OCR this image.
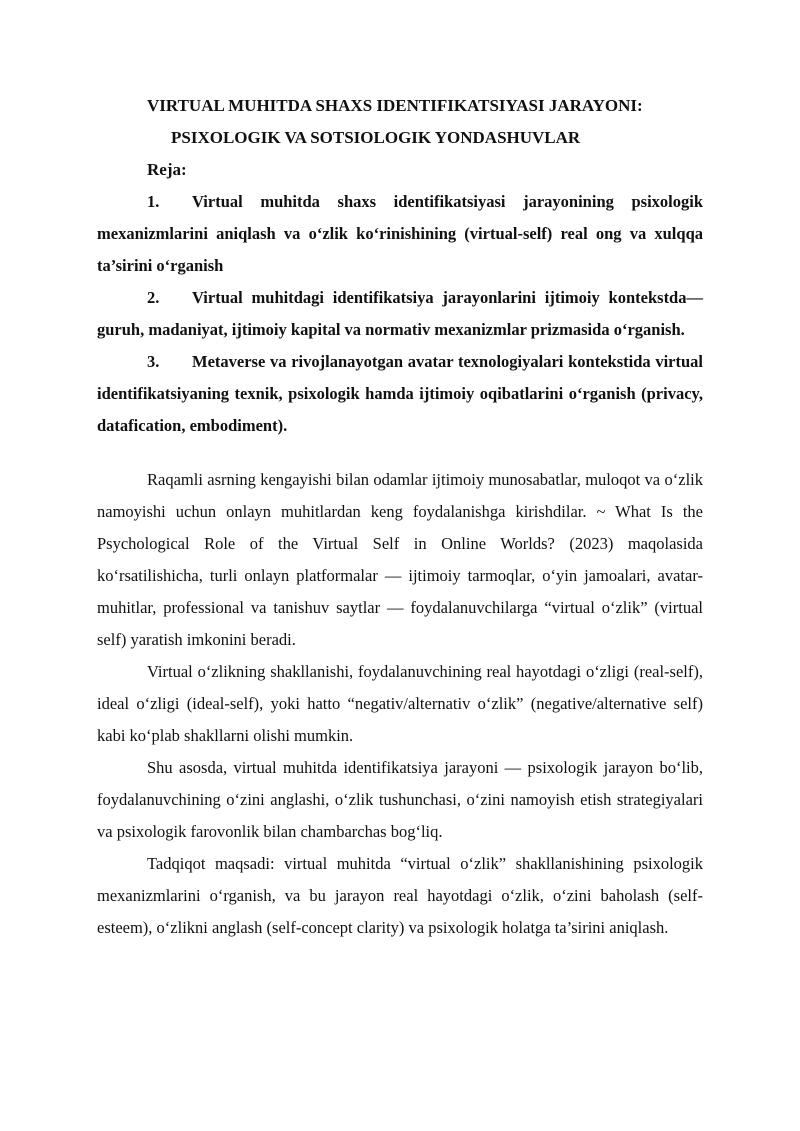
VIRTUAL MUHITDA SHAXS IDENTIFIKATSIYASI JARAYONI:
PSIXOLOGIK VA SOTSIOLOGIK YONDASHUVLAR

Reja:

1. Virtual muhitda shaxs identifikatsiyasi jarayonining psixologik mexanizmlarini aniqlash va o‘zlik ko‘rinishining (virtual-self) real ong va xulqqa ta’sirini o‘rganish
2. Virtual muhitdagi identifikatsiya jarayonlarini ijtimoiy kontekstda—guruh, madaniyat, ijtimoiy kapital va normativ mexanizmlar prizmasida o‘rganish.
3. Metaverse va rivojlanayotgan avatar texnologiyalari kontekstida virtual identifikatsiyaning texnik, psixologik hamda ijtimoiy oqibatlarini o‘rganish (privacy, datafication, embodiment).

Raqamli asrning kengayishi bilan odamlar ijtimoiy munosabatlar, muloqot va o‘zlik namoyishi uchun onlayn muhitlardan keng foydalanishga kirishdilar. ~ What Is the Psychological Role of the Virtual Self in Online Worlds? (2023) maqolasida ko‘rsatilishicha, turli onlayn platformalar — ijtimoiy tarmoqlar, o‘yin jamoalari, avatar-muhitlar, professional va tanishuv saytlar — foydalanuvchilarga “virtual o‘zlik” (virtual self) yaratish imkonini beradi.

Virtual o‘zlikning shakllanishi, foydalanuvchining real hayotdagi o‘zligi (real-self), ideal o‘zligi (ideal-self), yoki hatto “negativ/alternativ o‘zlik” (negative/alternative self) kabi ko‘plab shakllarni olishi mumkin.

Shu asosda, virtual muhitda identifikatsiya jarayoni — psixologik jarayon bo‘lib, foydalanuvchining o‘zini anglashi, o‘zlik tushunchasi, o‘zini namoyish etish strategiyalari va psixologik farovonlik bilan chambarchas bog‘liq.

Tadqiqot maqsadi: virtual muhitda “virtual o‘zlik” shakllanishining psixologik mexanizmlarini o‘rganish, va bu jarayon real hayotdagi o‘zlik, o‘zini baholash (self-esteem), o‘zlikni anglash (self-concept clarity) va psixologik holatga ta’sirini aniqlash.
